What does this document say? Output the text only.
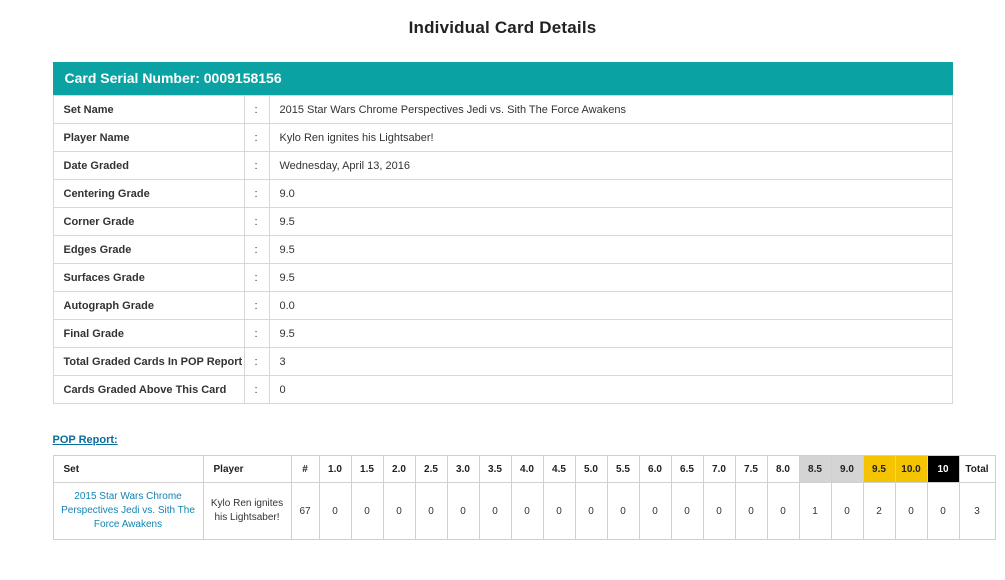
Individual Card Details
Card Serial Number: 0009158156
Set Name	:	2015 Star Wars Chrome Perspectives Jedi vs. Sith The Force Awakens
Player Name	:	Kylo Ren ignites his Lightsaber!
Date Graded	:	Wednesday, April 13, 2016
Centering Grade	:	9.0
Corner Grade	:	9.5
Edges Grade	:	9.5
Surfaces Grade	:	9.5
Autograph Grade	:	0.0
Final Grade	:	9.5
Total Graded Cards In POP Report	:	3
Cards Graded Above This Card	:	0
POP Report:
Set	Player	#	1.0	1.5	2.0	2.5	3.0	3.5	4.0	4.5	5.0	5.5	6.0	6.5	7.0	7.5	8.0	8.5	9.0	9.5	10.0	10	Total
2015 Star Wars Chrome Perspectives Jedi vs. Sith The Force Awakens	Kylo Ren ignites his Lightsaber!	67	0	0	0	0	0	0	0	0	0	0	0	0	0	0	0	1	0	2	0	0	3
